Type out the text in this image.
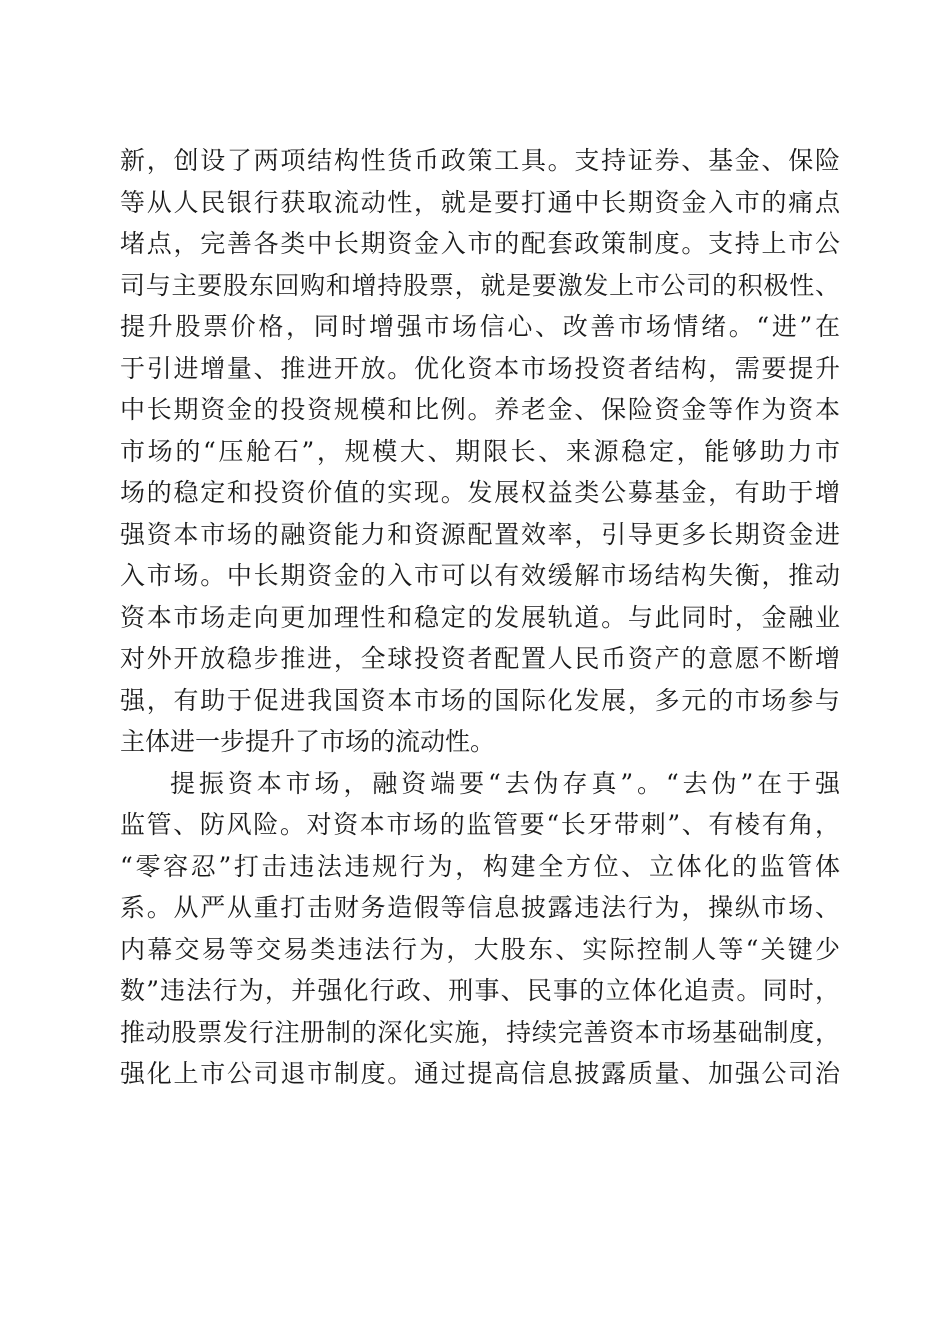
新，创设了两项结构性货币政策工具。支持证券、基金、保险
等从人民银行获取流动性，就是要打通中长期资金入市的痛点
堵点，完善各类中长期资金入市的配套政策制度。支持上市公
司与主要股东回购和增持股票，就是要激发上市公司的积极性、
提升股票价格，同时增强市场信心、改善市场情绪。“进”在
于引进增量、推进开放。优化资本市场投资者结构，需要提升
中长期资金的投资规模和比例。养老金、保险资金等作为资本
市场的“压舱石”，规模大、期限长、来源稳定，能够助力市
场的稳定和投资价值的实现。发展权益类公募基金，有助于增
强资本市场的融资能力和资源配置效率，引导更多长期资金进
入市场。中长期资金的入市可以有效缓解市场结构失衡，推动
资本市场走向更加理性和稳定的发展轨道。与此同时，金融业
对外开放稳步推进，全球投资者配置人民币资产的意愿不断增
强，有助于促进我国资本市场的国际化发展，多元的市场参与
主体进一步提升了市场的流动性。
提振资本市场，融资端要“去伪存真”。“去伪”在于强
监管、防风险。对资本市场的监管要“长牙带刺”、有棱有角，
“零容忍”打击违法违规行为，构建全方位、立体化的监管体
系。从严从重打击财务造假等信息披露违法行为，操纵市场、
内幕交易等交易类违法行为，大股东、实际控制人等“关键少
数”违法行为，并强化行政、刑事、民事的立体化追责。同时，
推动股票发行注册制的深化实施，持续完善资本市场基础制度，
强化上市公司退市制度。通过提高信息披露质量、加强公司治
